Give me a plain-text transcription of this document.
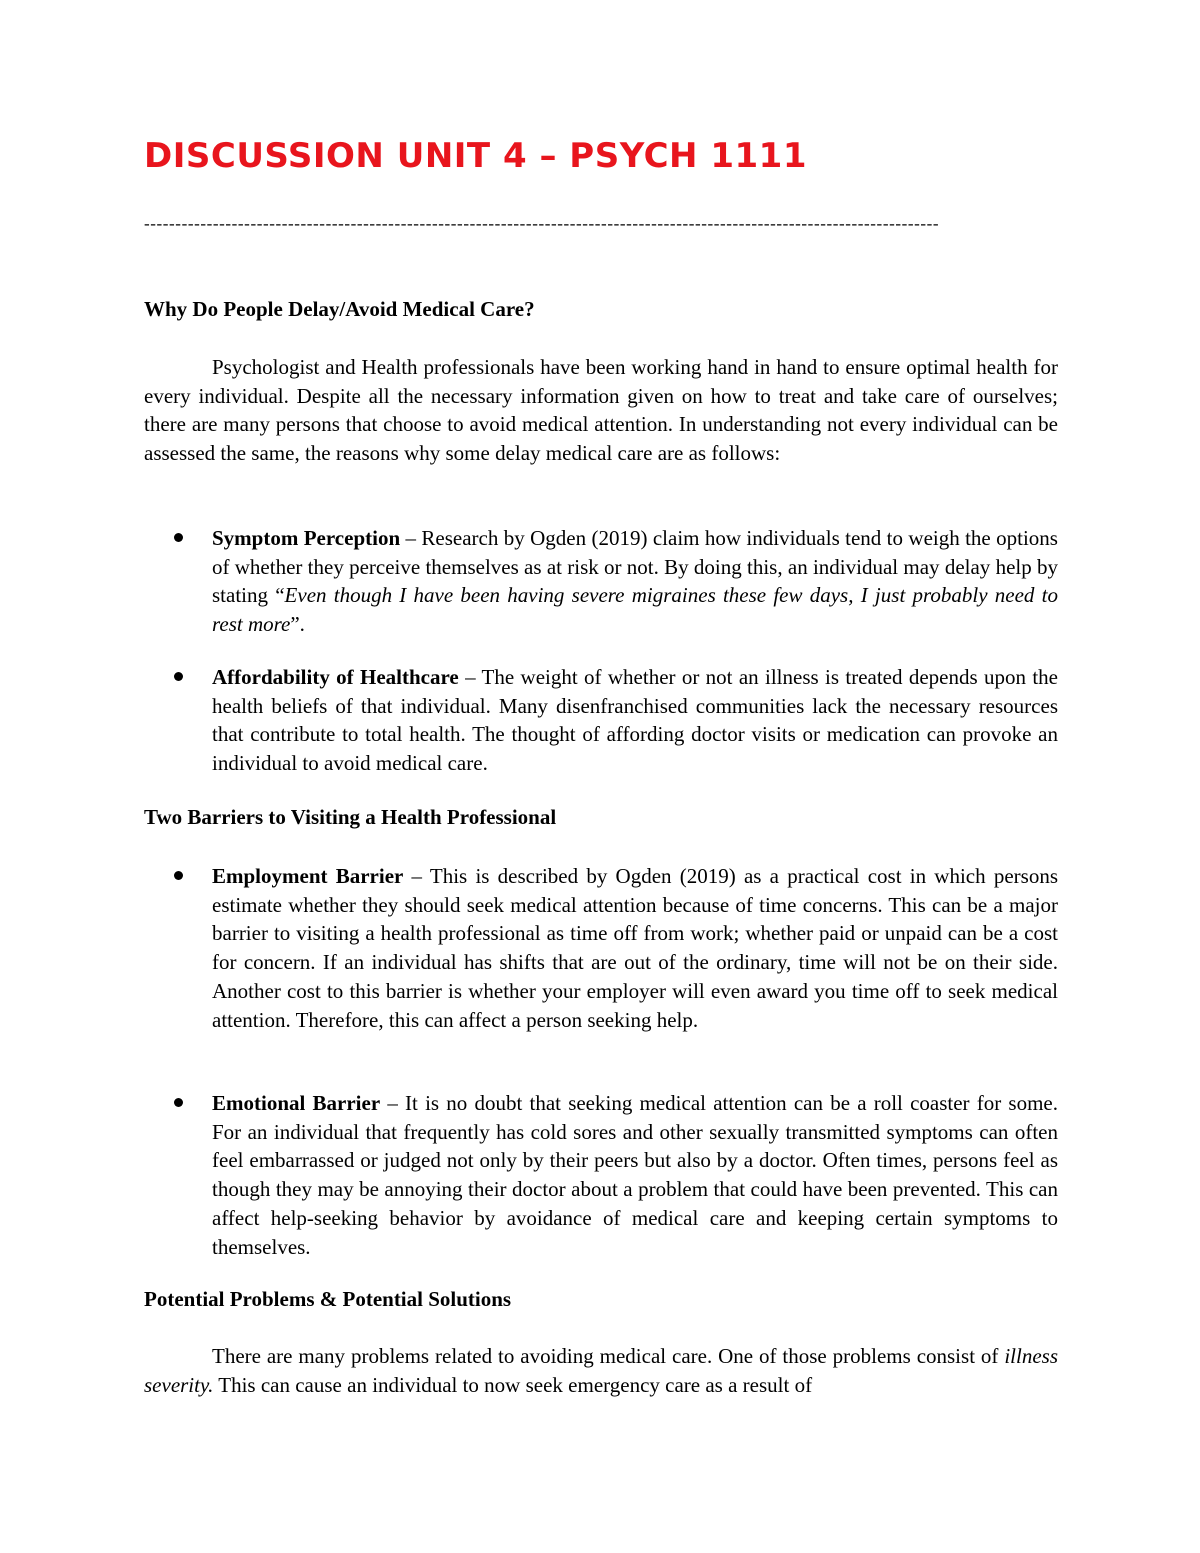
DISCUSSION UNIT 4 – PSYCH 1111
-------------------------------------------------------------------------------------------------------------------------------
Why Do People Delay/Avoid Medical Care?

Psychologist and Health professionals have been working hand in hand to ensure optimal health for every individual. Despite all the necessary information given on how to treat and take care of ourselves; there are many persons that choose to avoid medical attention. In understanding not every individual can be assessed the same, the reasons why some delay medical care are as follows:

Symptom Perception – Research by Ogden (2019) claim how individuals tend to weigh the options of whether they perceive themselves as at risk or not. By doing this, an individual may delay help by stating “Even though I have been having severe migraines these few days, I just probably need to rest more”.

Affordability of Healthcare – The weight of whether or not an illness is treated depends upon the health beliefs of that individual. Many disenfranchised communities lack the necessary resources that contribute to total health. The thought of affording doctor visits or medication can provoke an individual to avoid medical care.

Two Barriers to Visiting a Health Professional

Employment Barrier – This is described by Ogden (2019) as a practical cost in which persons estimate whether they should seek medical attention because of time concerns. This can be a major barrier to visiting a health professional as time off from work; whether paid or unpaid can be a cost for concern. If an individual has shifts that are out of the ordinary, time will not be on their side. Another cost to this barrier is whether your employer will even award you time off to seek medical attention. Therefore, this can affect a person seeking help.

Emotional Barrier – It is no doubt that seeking medical attention can be a roll coaster for some. For an individual that frequently has cold sores and other sexually transmitted symptoms can often feel embarrassed or judged not only by their peers but also by a doctor. Often times, persons feel as though they may be annoying their doctor about a problem that could have been prevented. This can affect help-seeking behavior by avoidance of medical care and keeping certain symptoms to themselves.

Potential Problems & Potential Solutions

There are many problems related to avoiding medical care. One of those problems consist of illness severity. This can cause an individual to now seek emergency care as a result of
